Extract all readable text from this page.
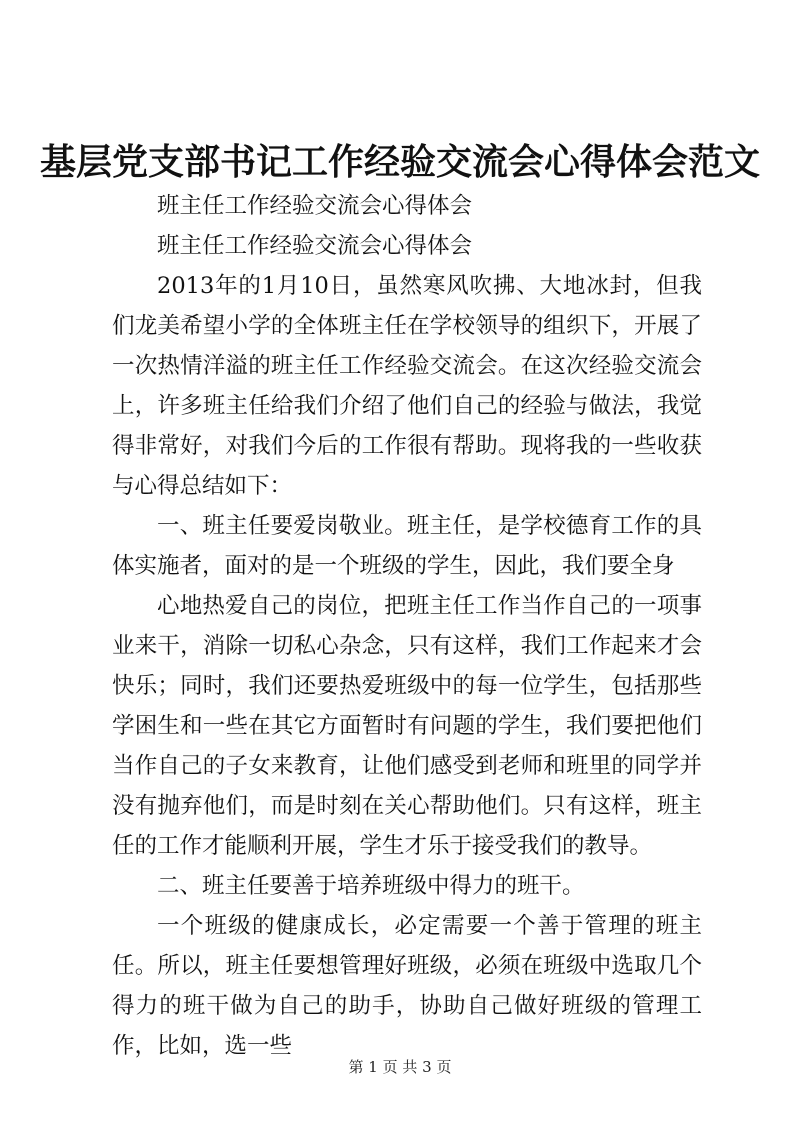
基层党支部书记工作经验交流会心得体会范文

班主任工作经验交流会心得体会

班主任工作经验交流会心得体会

2013年的1月10日，虽然寒风吹拂、大地冰封，但我们龙美希望小学的全体班主任在学校领导的组织下，开展了一次热情洋溢的班主任工作经验交流会。在这次经验交流会上，许多班主任给我们介绍了他们自己的经验与做法，我觉得非常好，对我们今后的工作很有帮助。现将我的一些收获与心得总结如下：

一、班主任要爱岗敬业。班主任，是学校德育工作的具体实施者，面对的是一个班级的学生，因此，我们要全身

心地热爱自己的岗位，把班主任工作当作自己的一项事业来干，消除一切私心杂念，只有这样，我们工作起来才会快乐；同时，我们还要热爱班级中的每一位学生，包括那些学困生和一些在其它方面暂时有问题的学生，我们要把他们当作自己的子女来教育，让他们感受到老师和班里的同学并没有抛弃他们，而是时刻在关心帮助他们。只有这样，班主任的工作才能顺利开展，学生才乐于接受我们的教导。

二、班主任要善于培养班级中得力的班干。

一个班级的健康成长，必定需要一个善于管理的班主任。所以，班主任要想管理好班级，必须在班级中选取几个得力的班干做为自己的助手，协助自己做好班级的管理工作，比如，选一些

第 1 页 共 3 页
